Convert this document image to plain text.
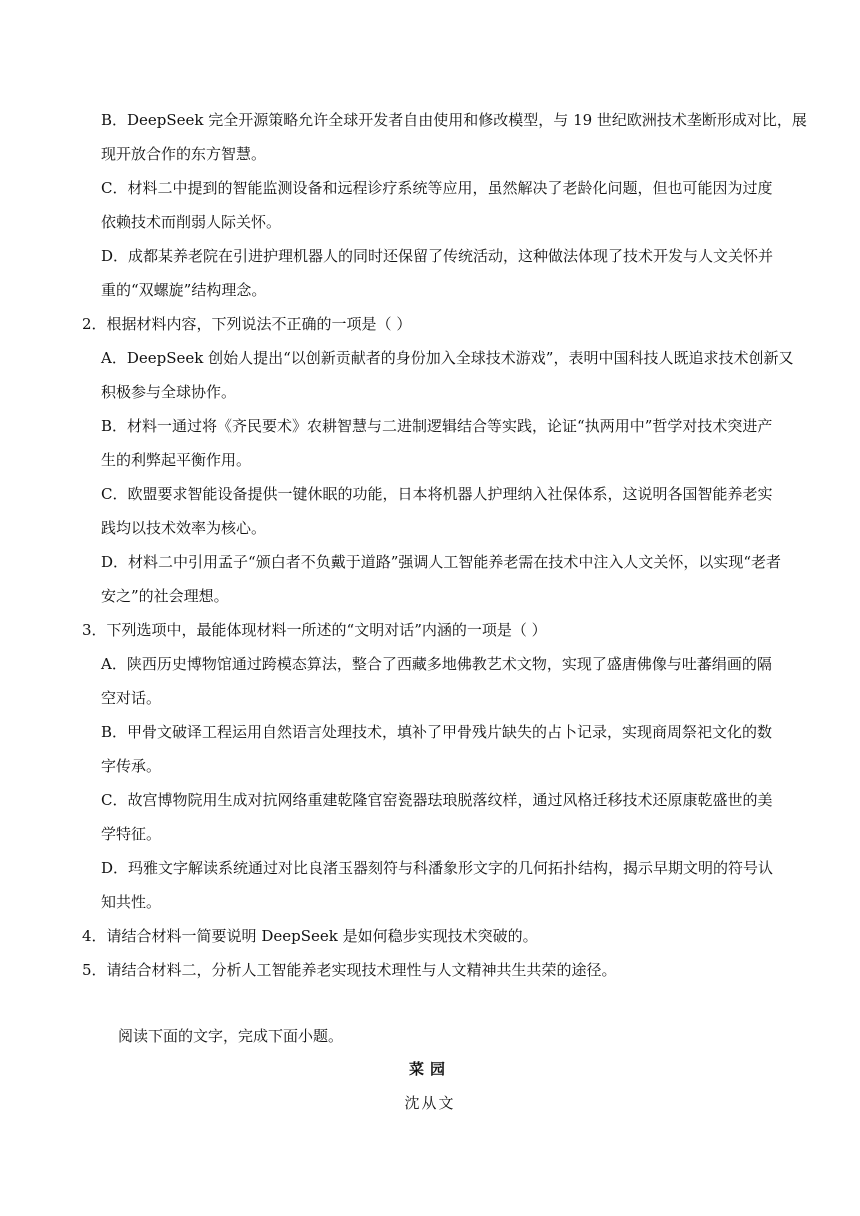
B．DeepSeek 完全开源策略允许全球开发者自由使用和修改模型，与 19 世纪欧洲技术垄断形成对比，展
现开放合作的东方智慧。
C．材料二中提到的智能监测设备和远程诊疗系统等应用，虽然解决了老龄化问题，但也可能因为过度
依赖技术而削弱人际关怀。
D．成都某养老院在引进护理机器人的同时还保留了传统活动，这种做法体现了技术开发与人文关怀并
重的“双螺旋”结构理念。
2．根据材料内容，下列说法不正确的一项是（ ）
A．DeepSeek 创始人提出“以创新贡献者的身份加入全球技术游戏”，表明中国科技人既追求技术创新又
积极参与全球协作。
B．材料一通过将《齐民要术》农耕智慧与二进制逻辑结合等实践，论证“执两用中”哲学对技术突进产
生的利弊起平衡作用。
C．欧盟要求智能设备提供一键休眠的功能，日本将机器人护理纳入社保体系，这说明各国智能养老实
践均以技术效率为核心。
D．材料二中引用孟子“颁白者不负戴于道路”强调人工智能养老需在技术中注入人文关怀，以实现“老者
安之”的社会理想。
3．下列选项中，最能体现材料一所述的“文明对话”内涵的一项是（ ）
A．陕西历史博物馆通过跨模态算法，整合了西藏多地佛教艺术文物，实现了盛唐佛像与吐蕃绢画的隔
空对话。
B．甲骨文破译工程运用自然语言处理技术，填补了甲骨残片缺失的占卜记录，实现商周祭祀文化的数
字传承。
C．故宫博物院用生成对抗网络重建乾隆官窑瓷器珐琅脱落纹样，通过风格迁移技术还原康乾盛世的美
学特征。
D．玛雅文字解读系统通过对比良渚玉器刻符与科潘象形文字的几何拓扑结构，揭示早期文明的符号认
知共性。
4．请结合材料一简要说明 DeepSeek 是如何稳步实现技术突破的。
5．请结合材料二，分析人工智能养老实现技术理性与人文精神共生共荣的途径。
阅读下面的文字，完成下面小题。
菜园
沈从文
